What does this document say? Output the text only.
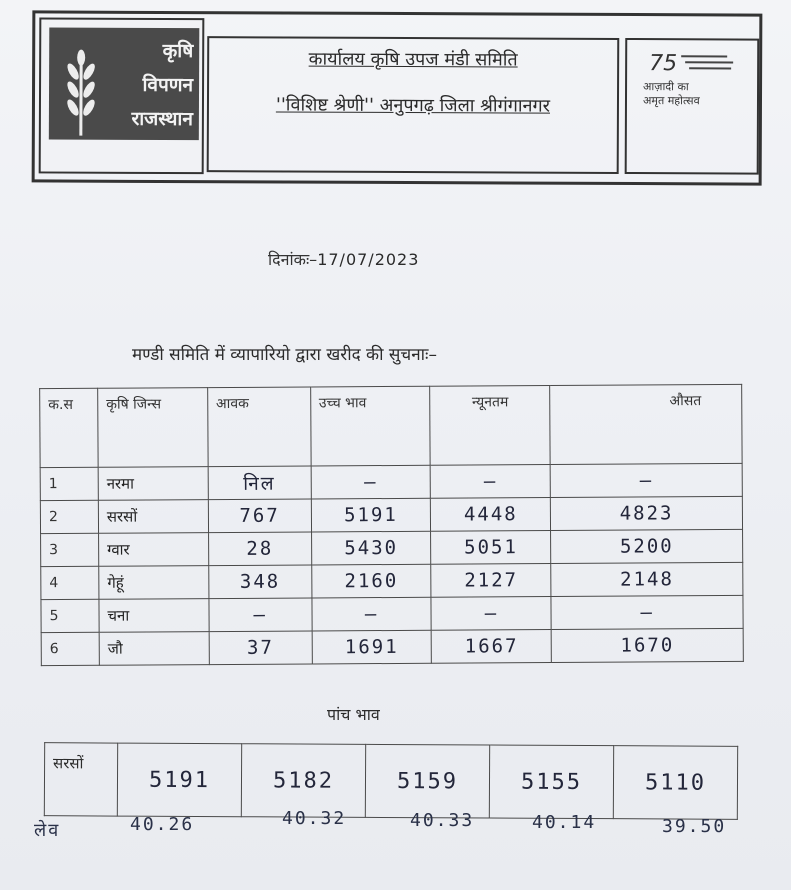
कृषि
विपणन
राजस्थान
कार्यालय कृषि उपज मंडी समिति
''विशिष्ट श्रेणी'' अनुपगढ़ जिला श्रीगंगानगर
75
आज़ादी का
अमृत महोत्सव
दिनांकः–17/07/2023
मण्डी समिति में व्यापारियो द्वारा खरीद की सुचनाः–
क.स	कृषि जिन्स	आवक	उच्च भाव	न्यूनतम	औसत
1	नरमा	निल	–	–	–
2	सरसों	767	5191	4448	4823
3	ग्वार	28	5430	5051	5200
4	गेहूं	348	2160	2127	2148
5	चना	–	–	–	–
6	जौ	37	1691	1667	1670
पांच भाव
सरसों	5191	5182	5159	5155	5110
लेव	40.26	40.32	40.33	40.14	39.50
